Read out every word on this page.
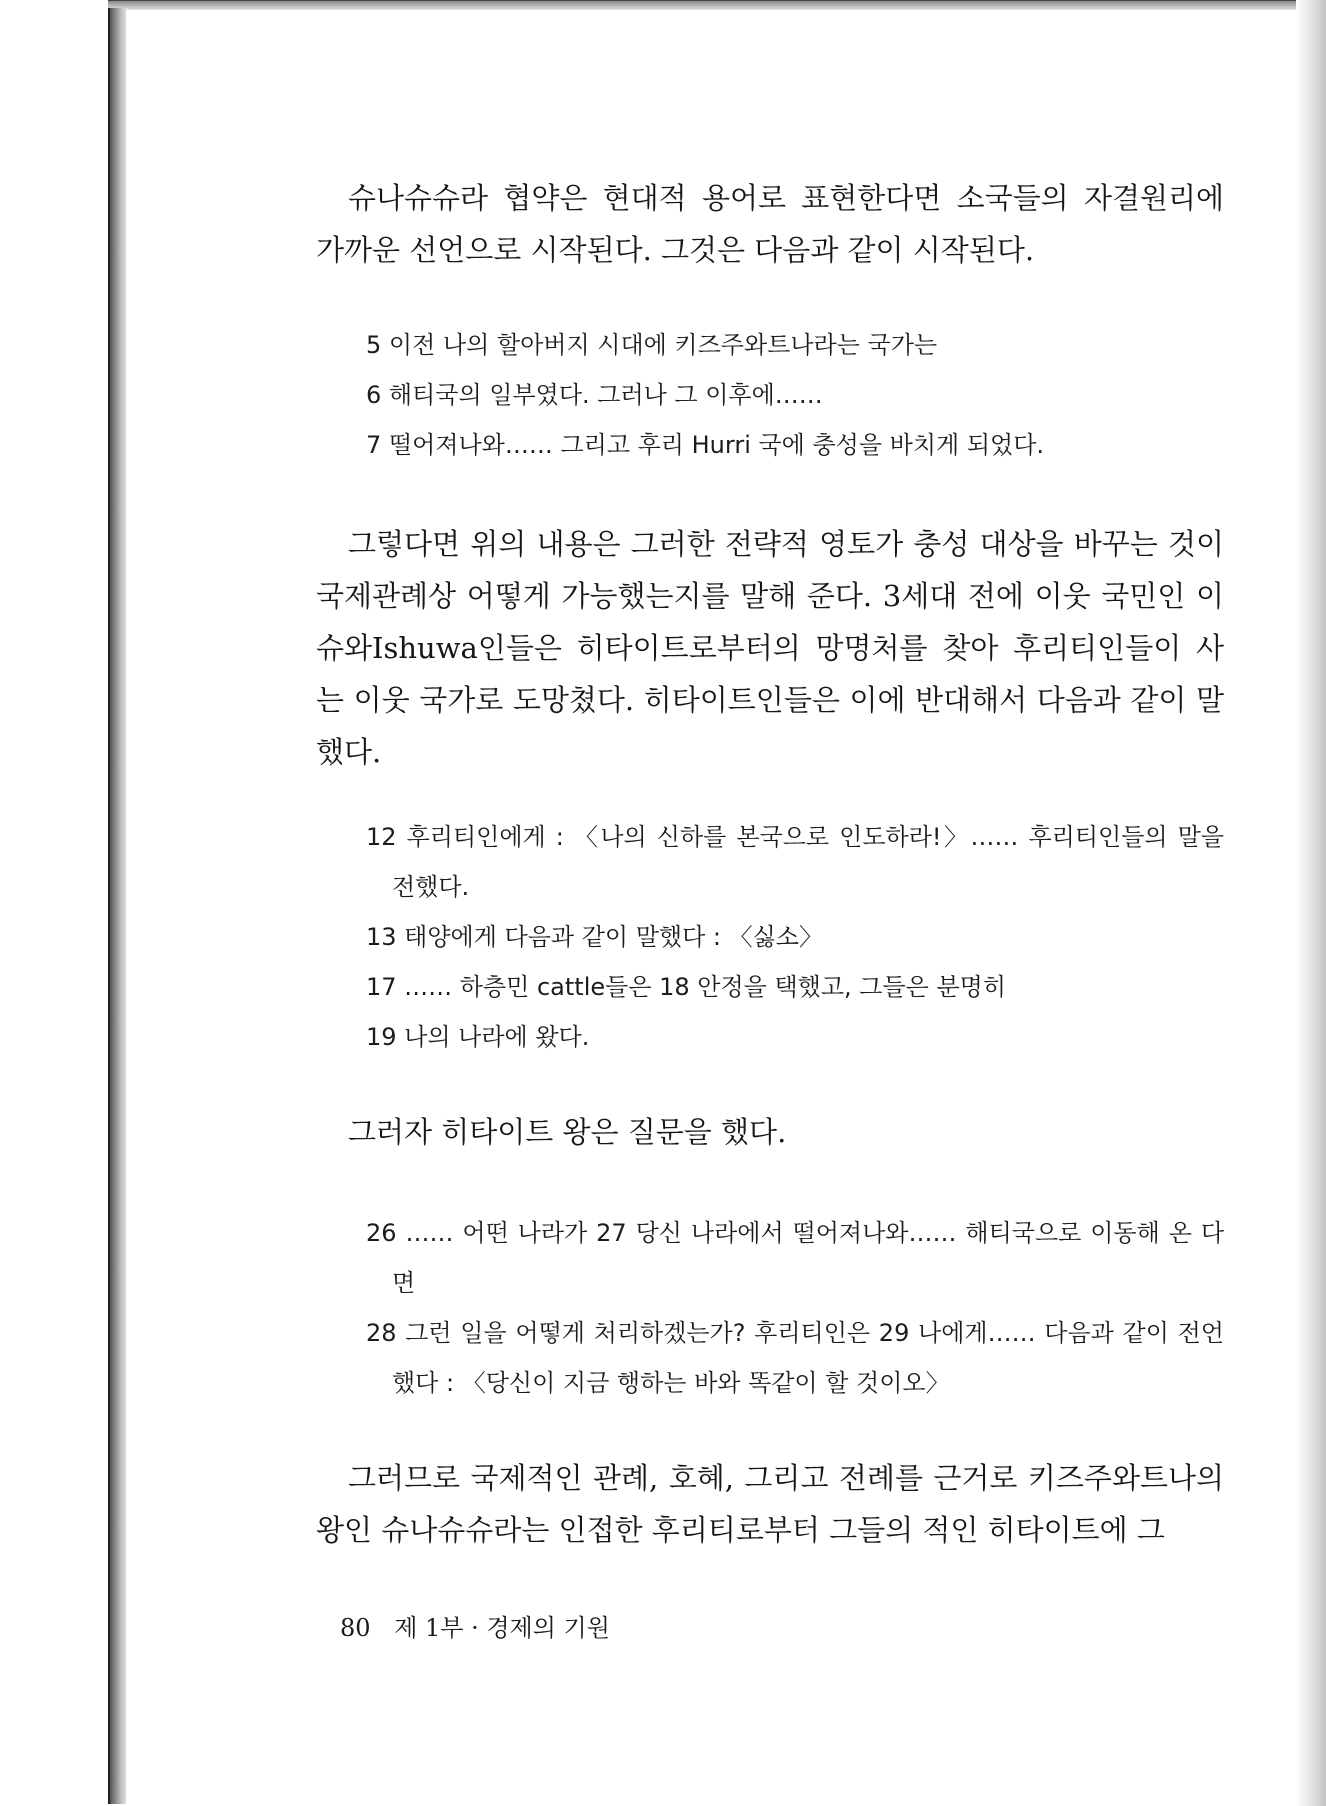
슈나슈슈라 협약은 현대적 용어로 표현한다면 소국들의 자결원리에 가까운 선언으로 시작된다. 그것은 다음과 같이 시작된다.

5 이전 나의 할아버지 시대에 키즈주와트나라는 국가는
6 해티국의 일부였다. 그러나 그 이후에……
7 떨어져나와…… 그리고 후리 Hurri 국에 충성을 바치게 되었다.

그렇다면 위의 내용은 그러한 전략적 영토가 충성 대상을 바꾸는 것이 국제관례상 어떻게 가능했는지를 말해 준다. 3세대 전에 이웃 국민인 이슈와Ishuwa인들은 히타이트로부터의 망명처를 찾아 후리티인들이 사는 이웃 국가로 도망쳤다. 히타이트인들은 이에 반대해서 다음과 같이 말했다.

12 후리티인에게 : 〈나의 신하를 본국으로 인도하라!〉…… 후리티인들의 말을 전했다.
13 태양에게 다음과 같이 말했다 : 〈싫소〉
17 …… 하층민 cattle들은 18 안정을 택했고, 그들은 분명히
19 나의 나라에 왔다.

그러자 히타이트 왕은 질문을 했다.

26 …… 어떤 나라가 27 당신 나라에서 떨어져나와…… 해티국으로 이동해 온 다면
28 그런 일을 어떻게 처리하겠는가? 후리티인은 29 나에게…… 다음과 같이 전언했다 : 〈당신이 지금 행하는 바와 똑같이 할 것이오〉

그러므로 국제적인 관례, 호혜, 그리고 전례를 근거로 키즈주와트나의 왕인 슈나슈슈라는 인접한 후리티로부터 그들의 적인 히타이트에 그

80 제 1부 · 경제의 기원
